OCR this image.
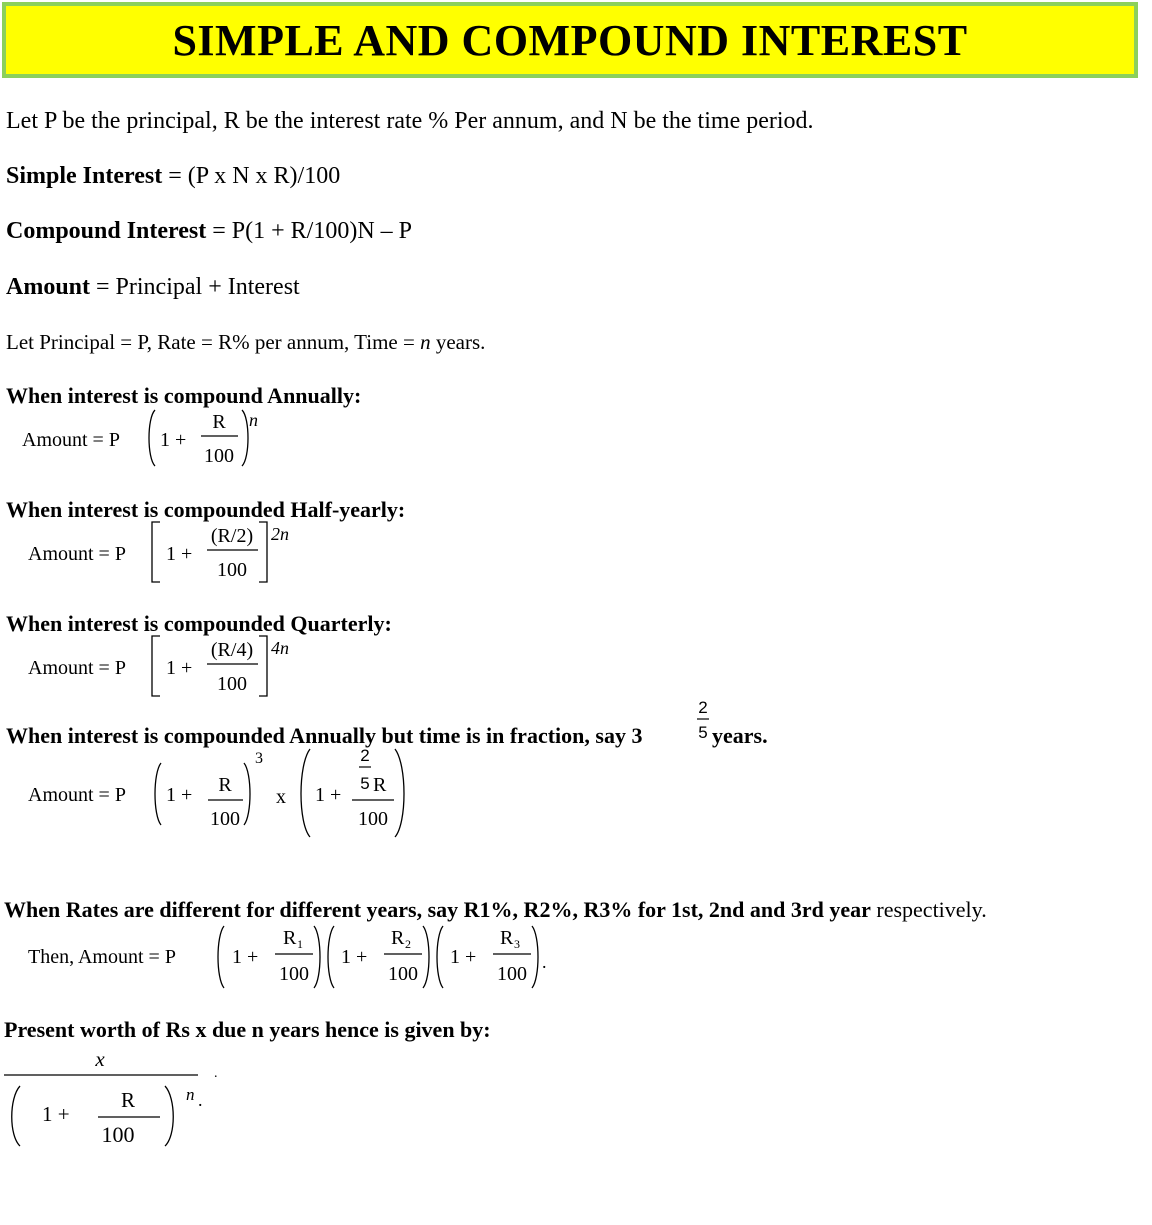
SIMPLE AND COMPOUND INTEREST
Let P be the principal, R be the interest rate % Per annum, and N be the time period.
Simple Interest = (P x N x R)/100
Compound Interest = P(1 + R/100)N – P
Amount = Principal + Interest
Let Principal = P, Rate = R% per annum, Time = n years.
When interest is compound Annually:
Amount = P 1 +
R
100
n
When interest is compounded Half-yearly:
Amount = P 1 +
(R/2)
100
2n
When interest is compounded Quarterly:
Amount = P 1 +
(R/4)
100
4n
When interest is compounded Annually but time is in fraction, say 3
2
5 years.
Amount = P 1 + R
100
3
x 1 +
2
5 R
100
When Rates are different for different years, say R1%, R2%, R3% for 1st, 2nd and 3rd year respectively.
Then, Amount = P	1 +
R 1
100
1 +
R 2
100
1 +
R 3
100
.
Present worth of Rs x due n years hence is given by:
x
.
1 +
R
100
n .
